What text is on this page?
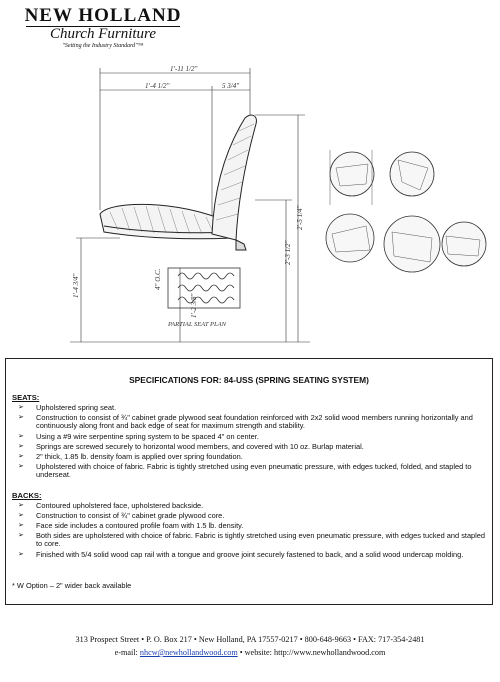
NEW HOLLAND
Church Furniture
"Setting the Industry Standard"™
1'-11 1/2"
1'-4 1/2"	5 3/4"
2'-5 1/4"
2'-3 1/2"
1'-4 3/4"	4" O.C.
1'-2 3/8"
PARTIAL SEAT PLAN
SPECIFICATIONS FOR: 84-USS (SPRING SEATING SYSTEM)
SEATS:
➢ Upholstered spring seat.
➢ Construction to consist of ¾" cabinet grade plywood seat foundation reinforced with 2x2 solid wood members running horizontally and continuously along front and back edge of seat for maximum strength and stability.
➢ Using a #9 wire serpentine spring system to be spaced 4" on center.
➢ Springs are screwed securely to horizontal wood members, and covered with 10 oz. Burlap material.
➢ 2" thick, 1.85 lb. density foam is applied over spring foundation.
➢ Upholstered with choice of fabric. Fabric is tightly stretched using even pneumatic pressure, with edges tucked, folded, and stapled to underseat.
BACKS:
➢ Contoured upholstered face, upholstered backside.
➢ Construction to consist of ¾" cabinet grade plywood core.
➢ Face side includes a contoured profile foam with 1.5 lb. density.
➢ Both sides are upholstered with choice of fabric. Fabric is tightly stretched using even pneumatic pressure, with edges tucked and stapled to core.
➢ Finished with 5/4 solid wood cap rail with a tongue and groove joint securely fastened to back, and a solid wood undercap molding.
* W Option – 2" wider back available
313 Prospect Street • P. O. Box 217 • New Holland, PA 17557-0217 • 800-648-9663 • FAX: 717-354-2481
e-mail: nhcw@newhollandwood.com • website: http://www.newhollandwood.com
